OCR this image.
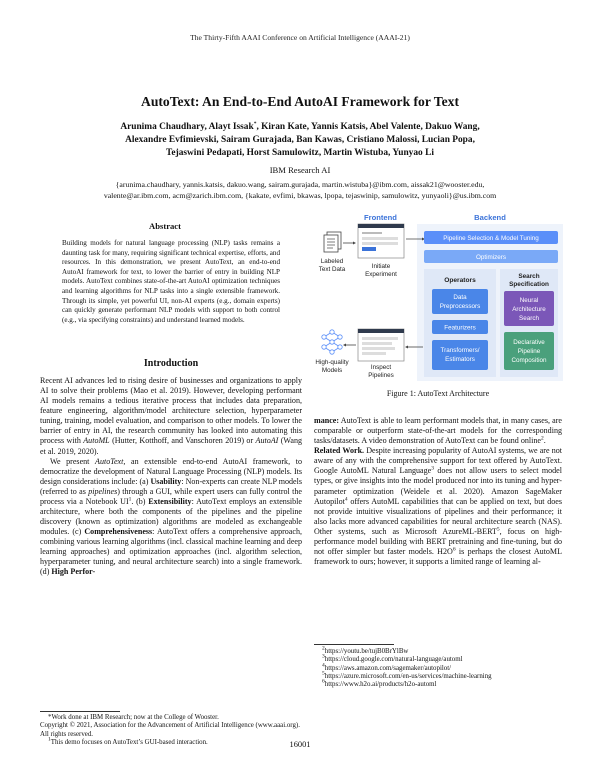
The Thirty-Fifth AAAI Conference on Artificial Intelligence (AAAI-21)
AutoText: An End-to-End AutoAI Framework for Text
Arunima Chaudhary, Alayt Issak*, Kiran Kate, Yannis Katsis, Abel Valente, Dakuo Wang,
Alexandre Evfimievski, Sairam Gurajada, Ban Kawas, Cristiano Malossi, Lucian Popa,
Tejaswini Pedapati, Horst Samulowitz, Martin Wistuba, Yunyao Li
IBM Research AI
{arunima.chaudhary, yannis.katsis, dakuo.wang, sairam.gurajada, martin.wistuba}@ibm.com, aissak21@wooster.edu,
valente@ar.ibm.com, acm@zarich.ibm.com, {kakate, evfimi, bkawas, lpopa, tejaswinip, samulowitz, yunyaoli}@us.ibm.com
Abstract
Building models for natural language processing (NLP) tasks remains a daunting task for many, requiring significant technical expertise, efforts, and resources. In this demonstration, we present AutoText, an end-to-end AutoAI framework for text, to lower the barrier of entry in building NLP models. AutoText combines state-of-the-art AutoAI optimization techniques and learning algorithms for NLP tasks into a single extensible framework. Through its simple, yet powerful UI, non-AI experts (e.g., domain experts) can quickly generate performant NLP models with support to both control (e.g., via specifying constraints) and understand learned models.
Introduction

Recent AI advances led to rising desire of businesses and organizations to apply AI to solve their problems (Mao et al. 2019). However, developing performant AI models remains a tedious iterative process that includes data preparation, feature engineering, algorithm/model architecture selection, hyperparameter tuning, training, model evaluation, and comparison to other models. To lower the barrier of entry in AI, the research community has looked into automating this process with AutoML (Hutter, Kotthoff, and Vanschoren 2019) or AutoAI (Wang et al. 2019, 2020).

We present AutoText, an extensible end-to-end AutoAI framework, to democratize the development of Natural Language Processing (NLP) models. Its design considerations include: (a) Usability: Non-experts can create NLP models (referred to as pipelines) through a GUI, while expert users can fully control the process via a Notebook $UI^1$. (b) Extensibility: AutoText employs an extensible architecture, where both the components of the pipelines and the pipeline discovery (known as optimization) algorithms are modeled as exchangeable modules. (c) Comprehensiveness: AutoText offers a comprehensive approach, combining various learning algorithms (incl. classical machine learning and deep learning approaches) and optimization approaches (incl. algorithm selection, hyperparameter tuning, and neural architecture search) into a single framework. (d) High Perfor-

*Work done at IBM Research; now at the College of Wooster.

Copyright © 2021, Association for the Advancement of Artificial Intelligence (www.aaai.org). All rights reserved.

$^1$This demo focuses on AutoText’s GUI-based interaction.

Labeled
Text Data	Initiate
Experiment
Inspect
Pipelines
High-quality
Models
Frontend	Backend
Pipeline Selection & Model Tuning
Optimizers
Operators
Data
Preprocessors
Featurizers
Transformers/
Estimators
Search
Specification
Neural
Architecture
Search
Declarative
Pipeline
Composition
Figure 1: AutoText Architecture

mance: AutoText is able to learn performant models that, in many cases, are comparable or outperform state-of-the-art models for the corresponding tasks/datasets. A video demonstration of AutoText can be found online$^2$.

Related Work. Despite increasing popularity of AutoAI systems, we are not aware of any with the comprehensive support for text offered by AutoText. Google AutoML Natural Language$^3$ does not allow users to select model types, or give insights into the model produced nor into its tuning and hyper-parameter optimization (Weidele et al. 2020). Amazon SageMaker Autopilot$^4$ offers AutoML capabilities that can be applied on text, but does not provide intuitive visualizations of pipelines and their performance; it also lacks more advanced capabilities for neural architecture search (NAS). Other systems, such as Microsoft AzureML-BERT$^5$, focus on high-performance model building with BERT pretraining and fine-tuning, but do not offer simpler but faster models. $H2O^6$ is perhaps the closest AutoML framework to ours; however, it supports a limited range of learning al-

$^2$https://youtu.be/tujB0BrYlBw

$^3$https://cloud.google.com/natural-language/automl

$^4$https://aws.amazon.com/sagemaker/autopilot/

$^5$https://azure.microsoft.com/en-us/services/machine-learning

$^6$https://www.h2o.ai/products/h2o-automl

16001
